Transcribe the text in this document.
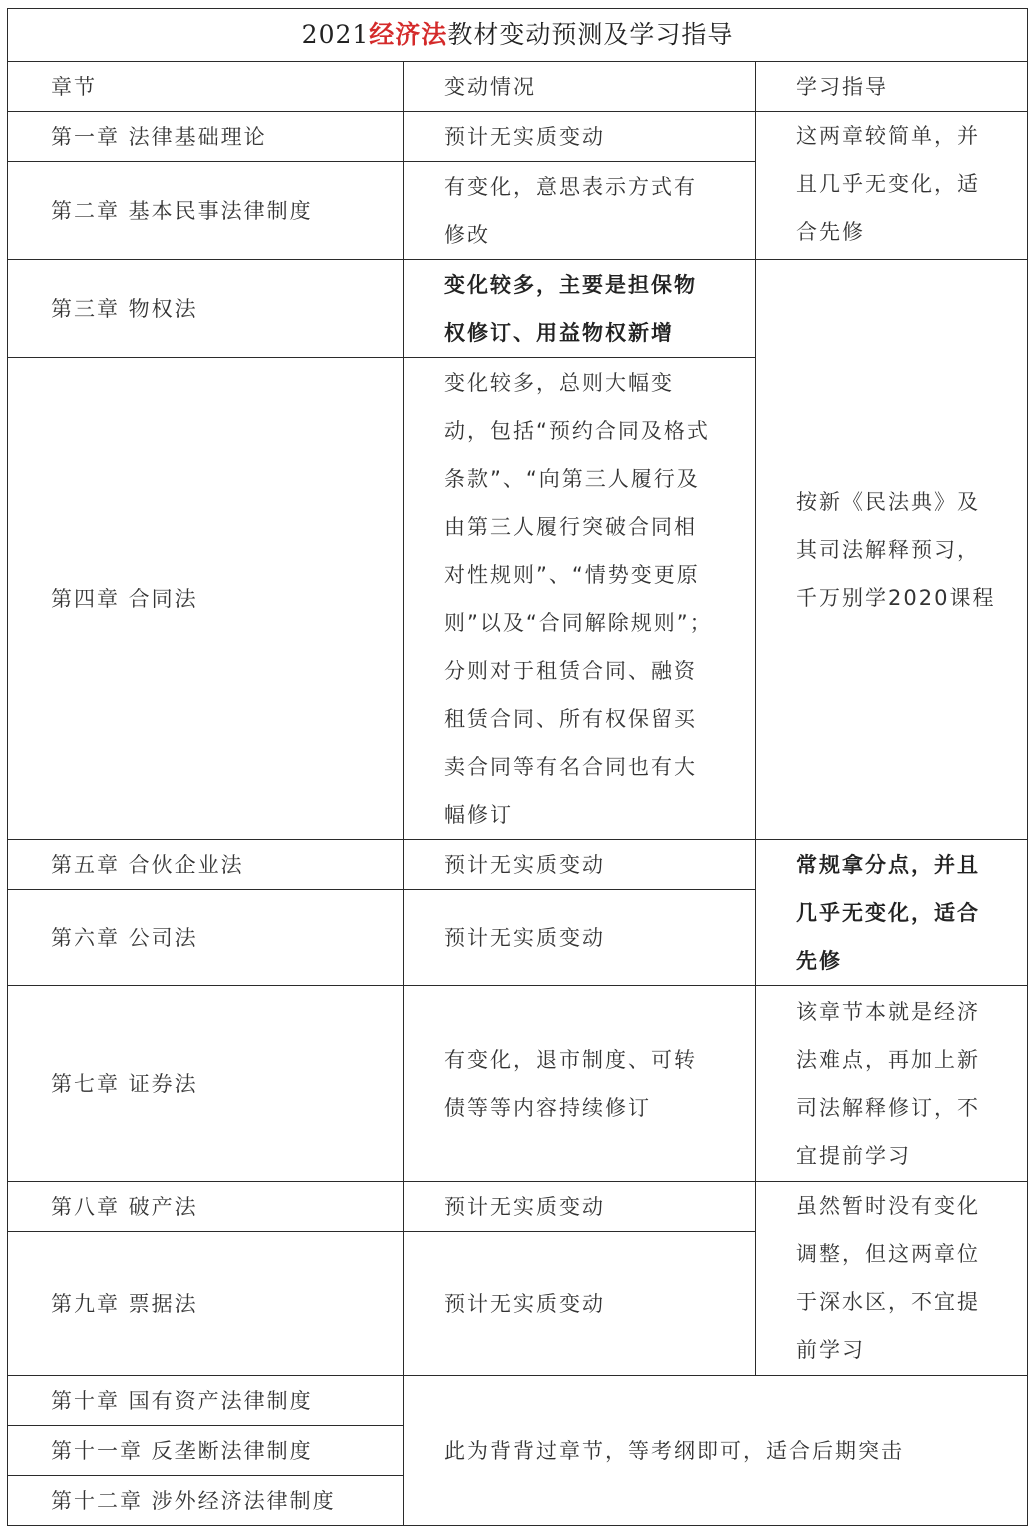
2021经济法教材变动预测及学习指导		
章节	变动情况	学习指导
第一章 法律基础理论	预计无实质变动	这两章较简单，并且几乎无变化，适合先修
第二章 基本民事法律制度	有变化，意思表示方式有修改	
第三章 物权法	变化较多，主要是担保物权修订、用益物权新增	按新《民法典》及其司法解释预习，千万别学2020课程
第四章 合同法	变化较多，总则大幅变动，包括“预约合同及格式条款”、“向第三人履行及由第三人履行突破合同相对性规则”、“情势变更原则”以及“合同解除规则”；分则对于租赁合同、融资租赁合同、所有权保留买卖合同等有名合同也有大幅修订	
第五章 合伙企业法	预计无实质变动	常规拿分点，并且几乎无变化，适合先修
第六章 公司法	预计无实质变动	
第七章 证券法	有变化，退市制度、可转债等等内容持续修订	该章节本就是经济法难点，再加上新司法解释修订，不宜提前学习
第八章 破产法	预计无实质变动	虽然暂时没有变化调整，但这两章位于深水区，不宜提前学习
第九章 票据法	预计无实质变动	
第十章 国有资产法律制度	此为背背过章节，等考纲即可，适合后期突击	
第十一章 反垄断法律制度		
第十二章 涉外经济法律制度		
